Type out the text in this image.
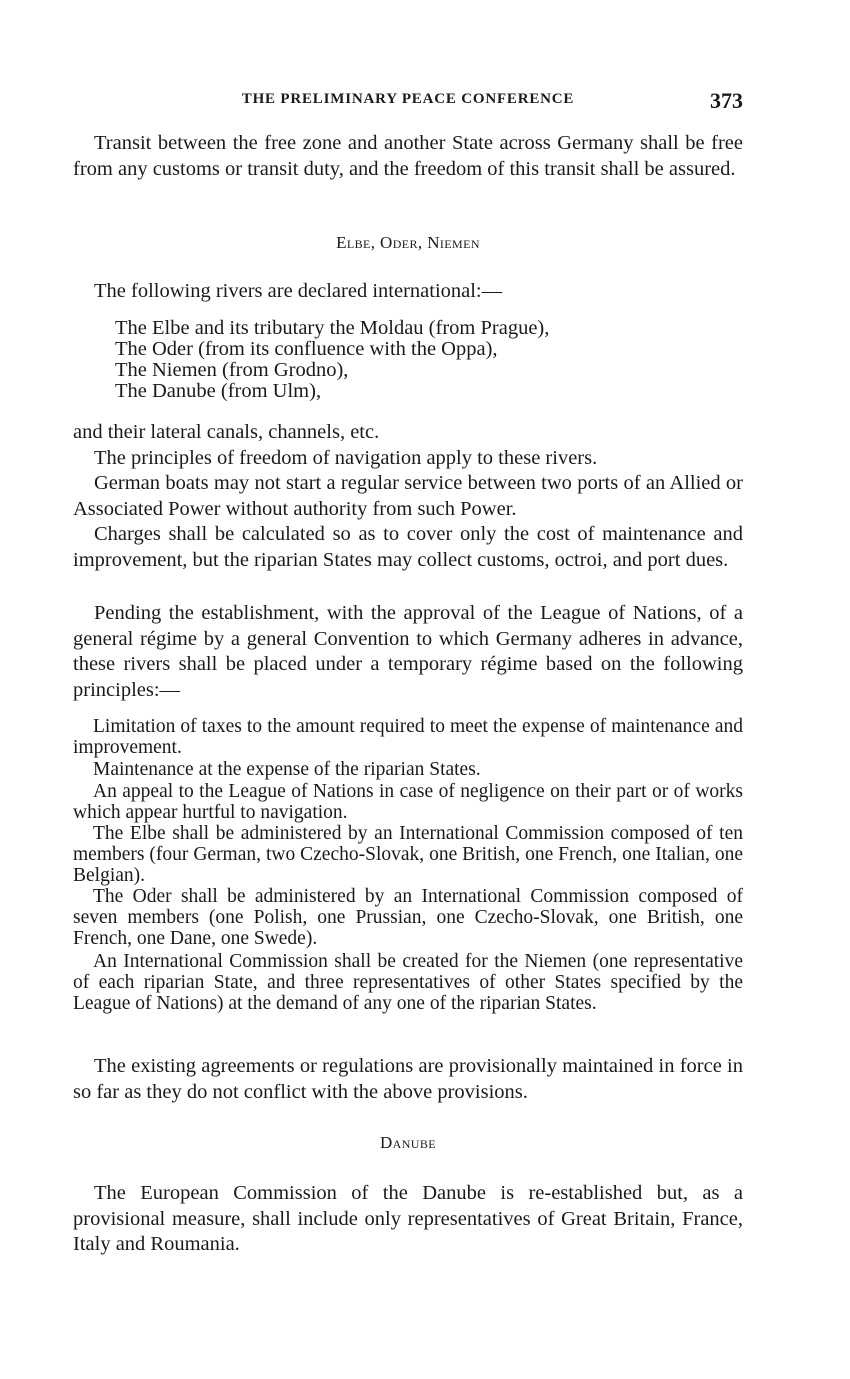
THE PRELIMINARY PEACE CONFERENCE	373

Transit between the free zone and another State across Germany shall be free from any customs or transit duty, and the freedom of this transit shall be assured.

Elbe, Oder, Niemen

The following rivers are declared international:—

The Elbe and its tributary the Moldau (from Prague),
The Oder (from its confluence with the Oppa),
The Niemen (from Grodno),
The Danube (from Ulm),

and their lateral canals, channels, etc.

The principles of freedom of navigation apply to these rivers.

German boats may not start a regular service between two ports of an Allied or Associated Power without authority from such Power.

Charges shall be calculated so as to cover only the cost of maintenance and improvement, but the riparian States may collect customs, octroi, and port dues.

Pending the establishment, with the approval of the League of Nations, of a general régime by a general Convention to which Germany adheres in advance, these rivers shall be placed under a temporary régime based on the following principles:—

Limitation of taxes to the amount required to meet the expense of maintenance and improvement.

Maintenance at the expense of the riparian States.

An appeal to the League of Nations in case of negligence on their part or of works which appear hurtful to navigation.

The Elbe shall be administered by an International Commission composed of ten members (four German, two Czecho-Slovak, one British, one French, one Italian, one Belgian).

The Oder shall be administered by an International Commission composed of seven members (one Polish, one Prussian, one Czecho-Slovak, one British, one French, one Dane, one Swede).

An International Commission shall be created for the Niemen (one representative of each riparian State, and three representatives of other States specified by the League of Nations) at the demand of any one of the riparian States.

The existing agreements or regulations are provisionally maintained in force in so far as they do not conflict with the above provisions.

Danube

The European Commission of the Danube is re-established but, as a provisional measure, shall include only representatives of Great Britain, France, Italy and Roumania.
